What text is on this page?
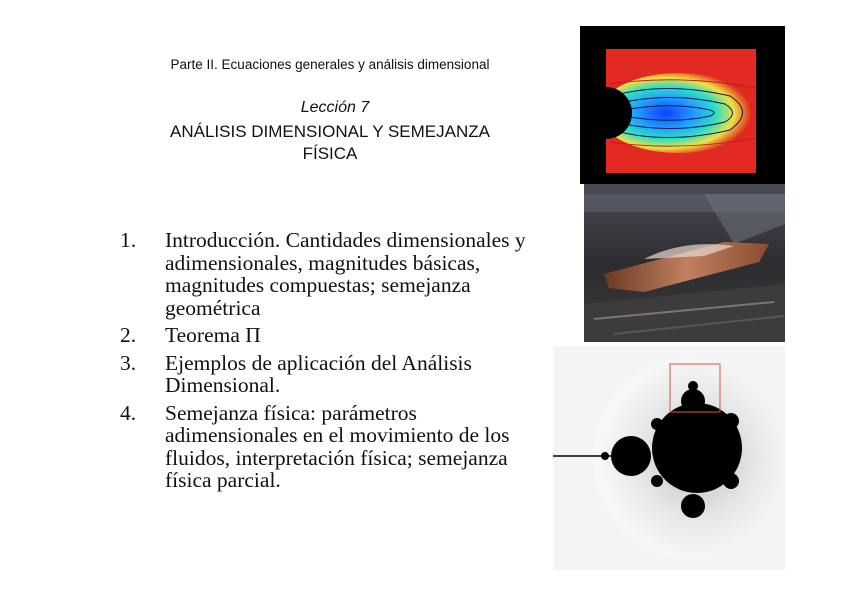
Parte II. Ecuaciones generales y análisis dimensional
Lección 7
ANÁLISIS DIMENSIONAL Y SEMEJANZA
FÍSICA
1. Introducción. Cantidades dimensionales y adimensionales, magnitudes básicas, magnitudes compuestas; semejanza geométrica
2. Teorema Π
3. Ejemplos de aplicación del Análisis Dimensional.
4. Semejanza física: parámetros adimensionales en el movimiento de los fluidos, interpretación física; semejanza física parcial.
